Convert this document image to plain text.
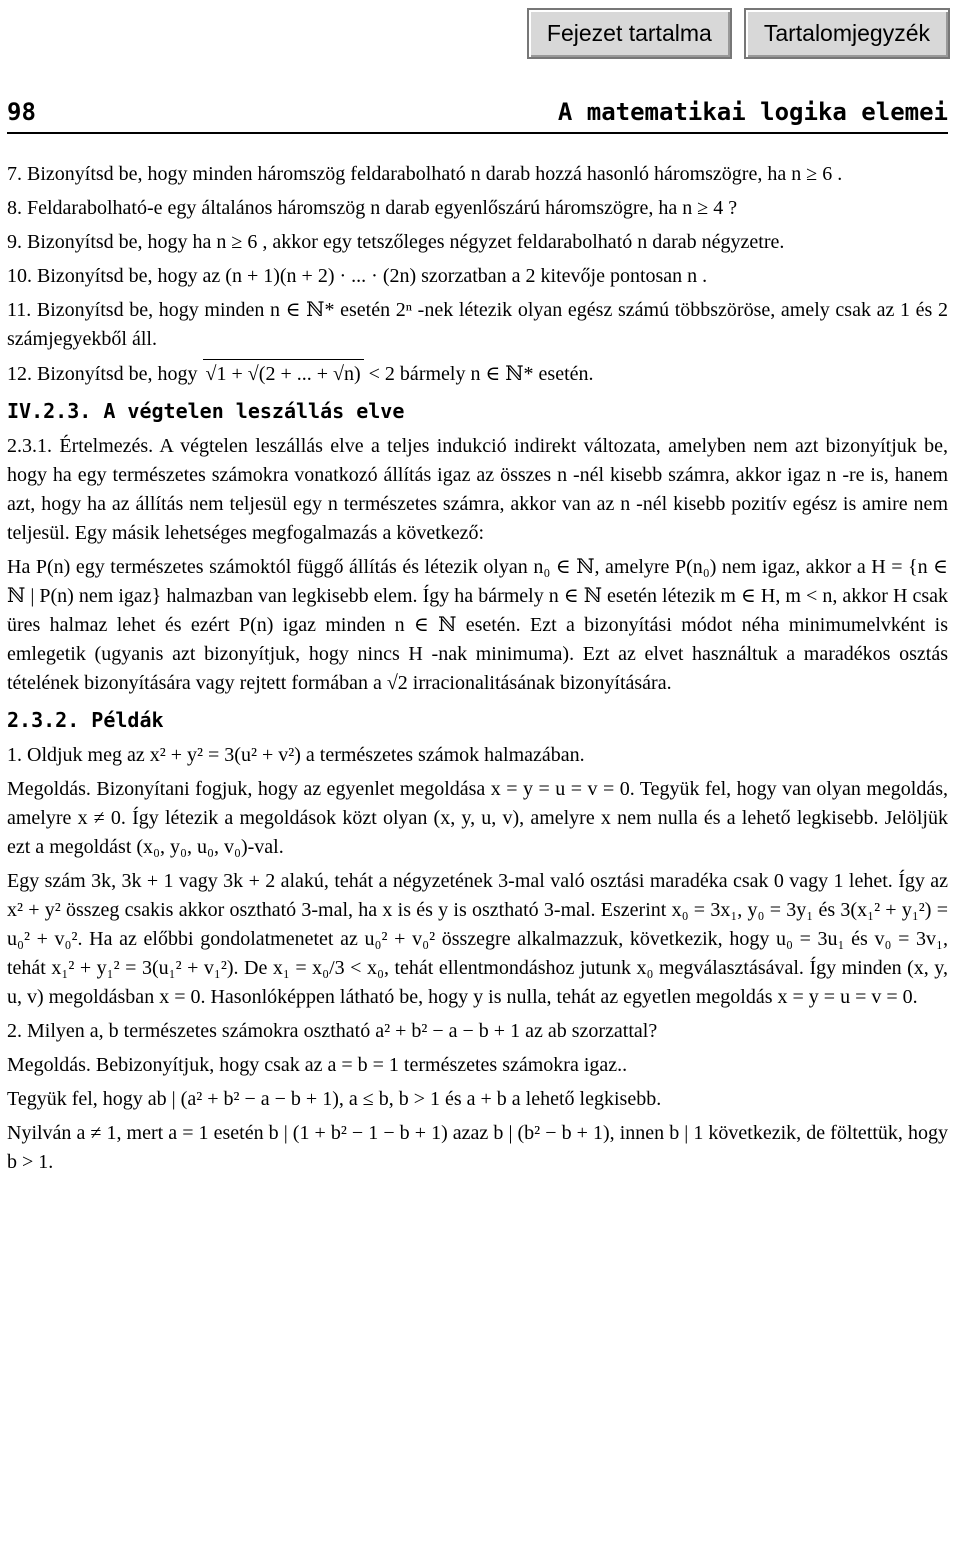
Fejezet tartalma	Tartalomjegyzék
98	A matematikai logika elemei

7. Bizonyítsd be, hogy minden háromszög feldarabolható n darab hozzá hasonló háromszögre, ha n ≥ 6 .

8. Feldarabolható-e egy általános háromszög n darab egyenlőszárú háromszögre, ha n ≥ 4 ?

9. Bizonyítsd be, hogy ha n ≥ 6 , akkor egy tetszőleges négyzet feldarabolható n darab négyzetre.

10. Bizonyítsd be, hogy az (n + 1)(n + 2) · ... · (2n) szorzatban a 2 kitevője pontosan n .

11. Bizonyítsd be, hogy minden n ∈ ℕ* esetén 2ⁿ -nek létezik olyan egész számú többszöröse, amely csak az 1 és 2 számjegyekből áll.

12. Bizonyítsd be, hogy √1 + √(2 + ... + √n) < 2 bármely n ∈ ℕ* esetén.

IV.2.3. A végtelen leszállás elve

2.3.1. Értelmezés. A végtelen leszállás elve a teljes indukció indirekt változata, amelyben nem azt bizonyítjuk be, hogy ha egy természetes számokra vonatkozó állítás igaz az összes n -nél kisebb számra, akkor igaz n -re is, hanem azt, hogy ha az állítás nem teljesül egy n természetes számra, akkor van az n -nél kisebb pozitív egész is amire nem teljesül. Egy másik lehetséges megfogalmazás a következő:

Ha P(n) egy természetes számoktól függő állítás és létezik olyan n₀ ∈ ℕ, amelyre P(n₀) nem igaz, akkor a H = {n ∈ ℕ | P(n) nem igaz} halmazban van legkisebb elem. Így ha bármely n ∈ ℕ esetén létezik m ∈ H, m < n, akkor H csak üres halmaz lehet és ezért P(n) igaz minden n ∈ ℕ esetén. Ezt a bizonyítási módot néha minimumelvként is emlegetik (ugyanis azt bizonyítjuk, hogy nincs H -nak minimuma). Ezt az elvet használtuk a maradékos osztás tételének bizonyítására vagy rejtett formában a √2 irracionalitásának bizonyítására.

2.3.2. Példák

1. Oldjuk meg az x² + y² = 3(u² + v²) a természetes számok halmazában.

Megoldás. Bizonyítani fogjuk, hogy az egyenlet megoldása x = y = u = v = 0. Tegyük fel, hogy van olyan megoldás, amelyre x ≠ 0. Így létezik a megoldások közt olyan (x, y, u, v), amelyre x nem nulla és a lehető legkisebb. Jelöljük ezt a megoldást (x₀, y₀, u₀, v₀)-val.

Egy szám 3k, 3k + 1 vagy 3k + 2 alakú, tehát a négyzetének 3-mal való osztási maradéka csak 0 vagy 1 lehet. Így az x² + y² összeg csakis akkor osztható 3-mal, ha x is és y is osztható 3-mal. Eszerint x₀ = 3x₁, y₀ = 3y₁ és 3(x₁² + y₁²) = u₀² + v₀². Ha az előbbi gondolatmenetet az u₀² + v₀² összegre alkalmazzuk, következik, hogy u₀ = 3u₁ és v₀ = 3v₁, tehát x₁² + y₁² = 3(u₁² + v₁²). De x₁ = x₀/3 < x₀, tehát ellentmondáshoz jutunk x₀ megválasztásával. Így minden (x, y, u, v) megoldásban x = 0. Hasonlóképpen látható be, hogy y is nulla, tehát az egyetlen megoldás x = y = u = v = 0.

2. Milyen a, b természetes számokra osztható a² + b² − a − b + 1 az ab szorzattal?

Megoldás. Bebizonyítjuk, hogy csak az a = b = 1 természetes számokra igaz..

Tegyük fel, hogy ab | (a² + b² − a − b + 1), a ≤ b, b > 1 és a + b a lehető legkisebb.

Nyilván a ≠ 1, mert a = 1 esetén b | (1 + b² − 1 − b + 1) azaz b | (b² − b + 1), innen b | 1 következik, de föltettük, hogy b > 1.
